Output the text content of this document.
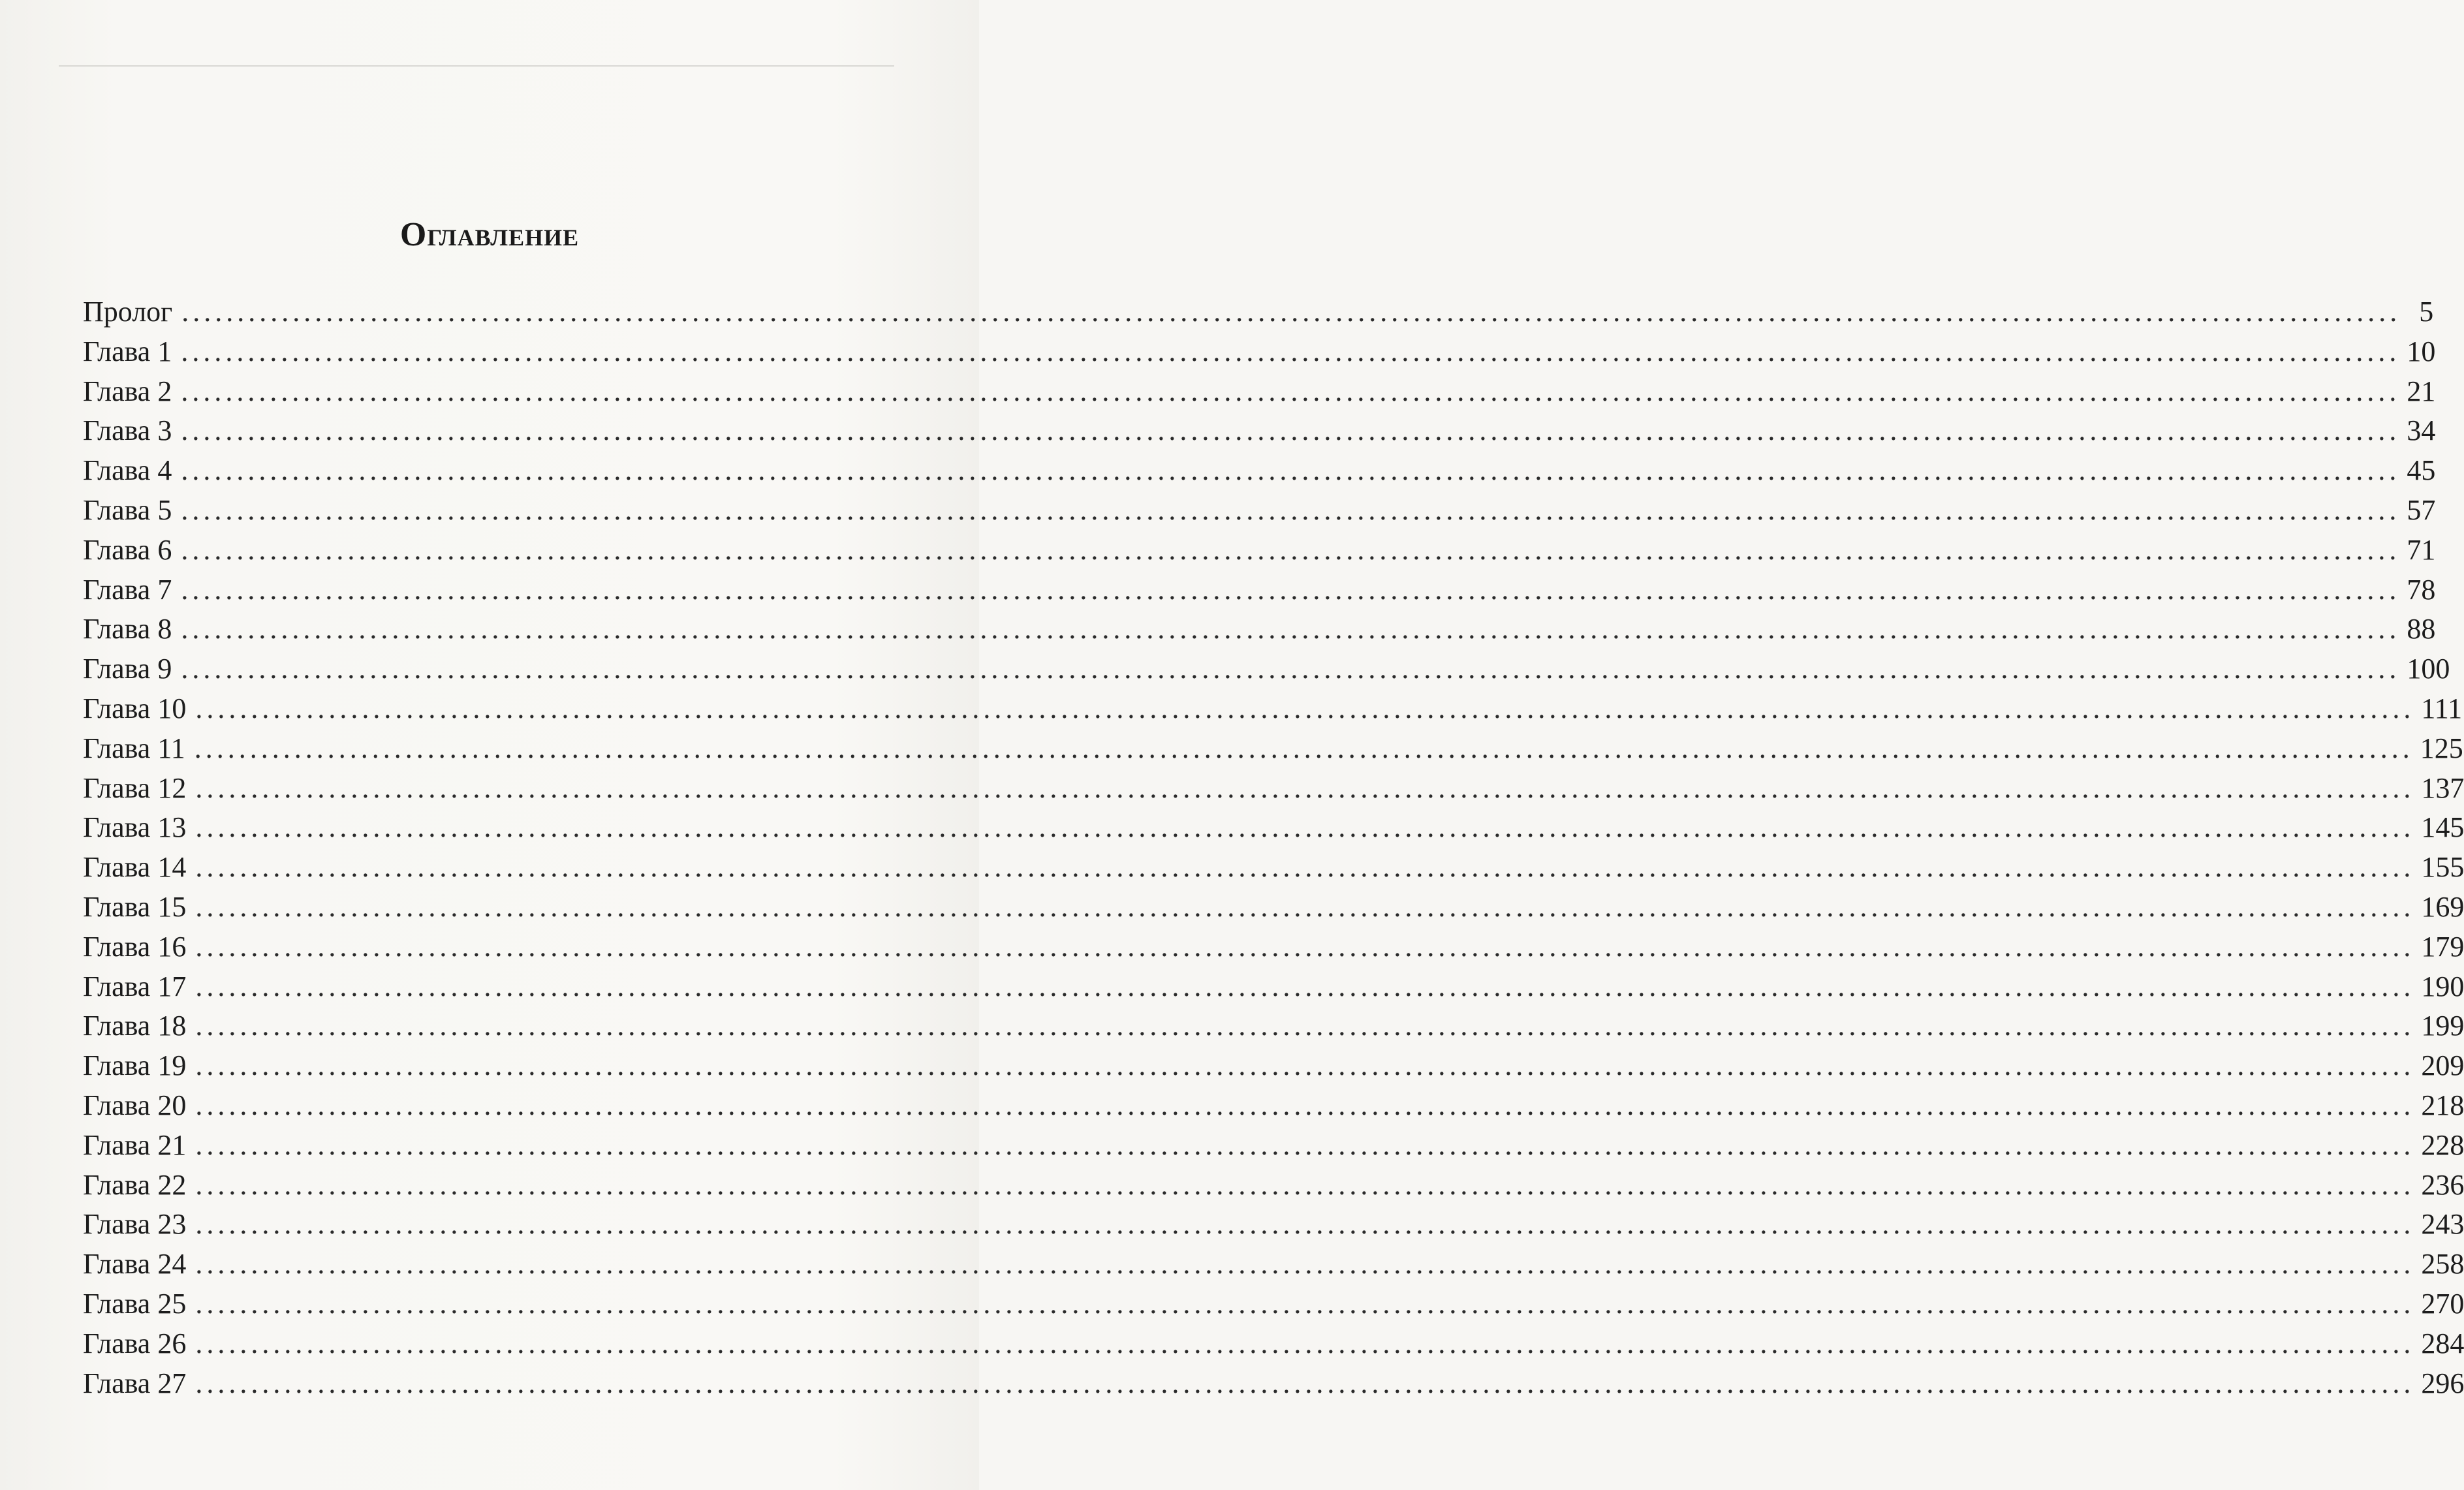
Оглавление
Пролог ........................................................................................................................................................................................................ 5
Глава 1 ........................................................................................................................................................................................................ 10
Глава 2 ........................................................................................................................................................................................................ 21
Глава 3 ........................................................................................................................................................................................................ 34
Глава 4 ........................................................................................................................................................................................................ 45
Глава 5 ........................................................................................................................................................................................................ 57
Глава 6 ........................................................................................................................................................................................................ 71
Глава 7 ........................................................................................................................................................................................................ 78
Глава 8 ........................................................................................................................................................................................................ 88
Глава 9 ........................................................................................................................................................................................................ 100
Глава 10 ........................................................................................................................................................................................................ 111
Глава 11 ........................................................................................................................................................................................................ 125
Глава 12 ........................................................................................................................................................................................................ 137
Глава 13 ........................................................................................................................................................................................................ 145
Глава 14 ........................................................................................................................................................................................................ 155
Глава 15 ........................................................................................................................................................................................................ 169
Глава 16 ........................................................................................................................................................................................................ 179
Глава 17 ........................................................................................................................................................................................................ 190
Глава 18 ........................................................................................................................................................................................................ 199
Глава 19 ........................................................................................................................................................................................................ 209
Глава 20 ........................................................................................................................................................................................................ 218
Глава 21 ........................................................................................................................................................................................................ 228
Глава 22 ........................................................................................................................................................................................................ 236
Глава 23 ........................................................................................................................................................................................................ 243
Глава 24 ........................................................................................................................................................................................................ 258
Глава 25 ........................................................................................................................................................................................................ 270
Глава 26 ........................................................................................................................................................................................................ 284
Глава 27 ........................................................................................................................................................................................................ 296
